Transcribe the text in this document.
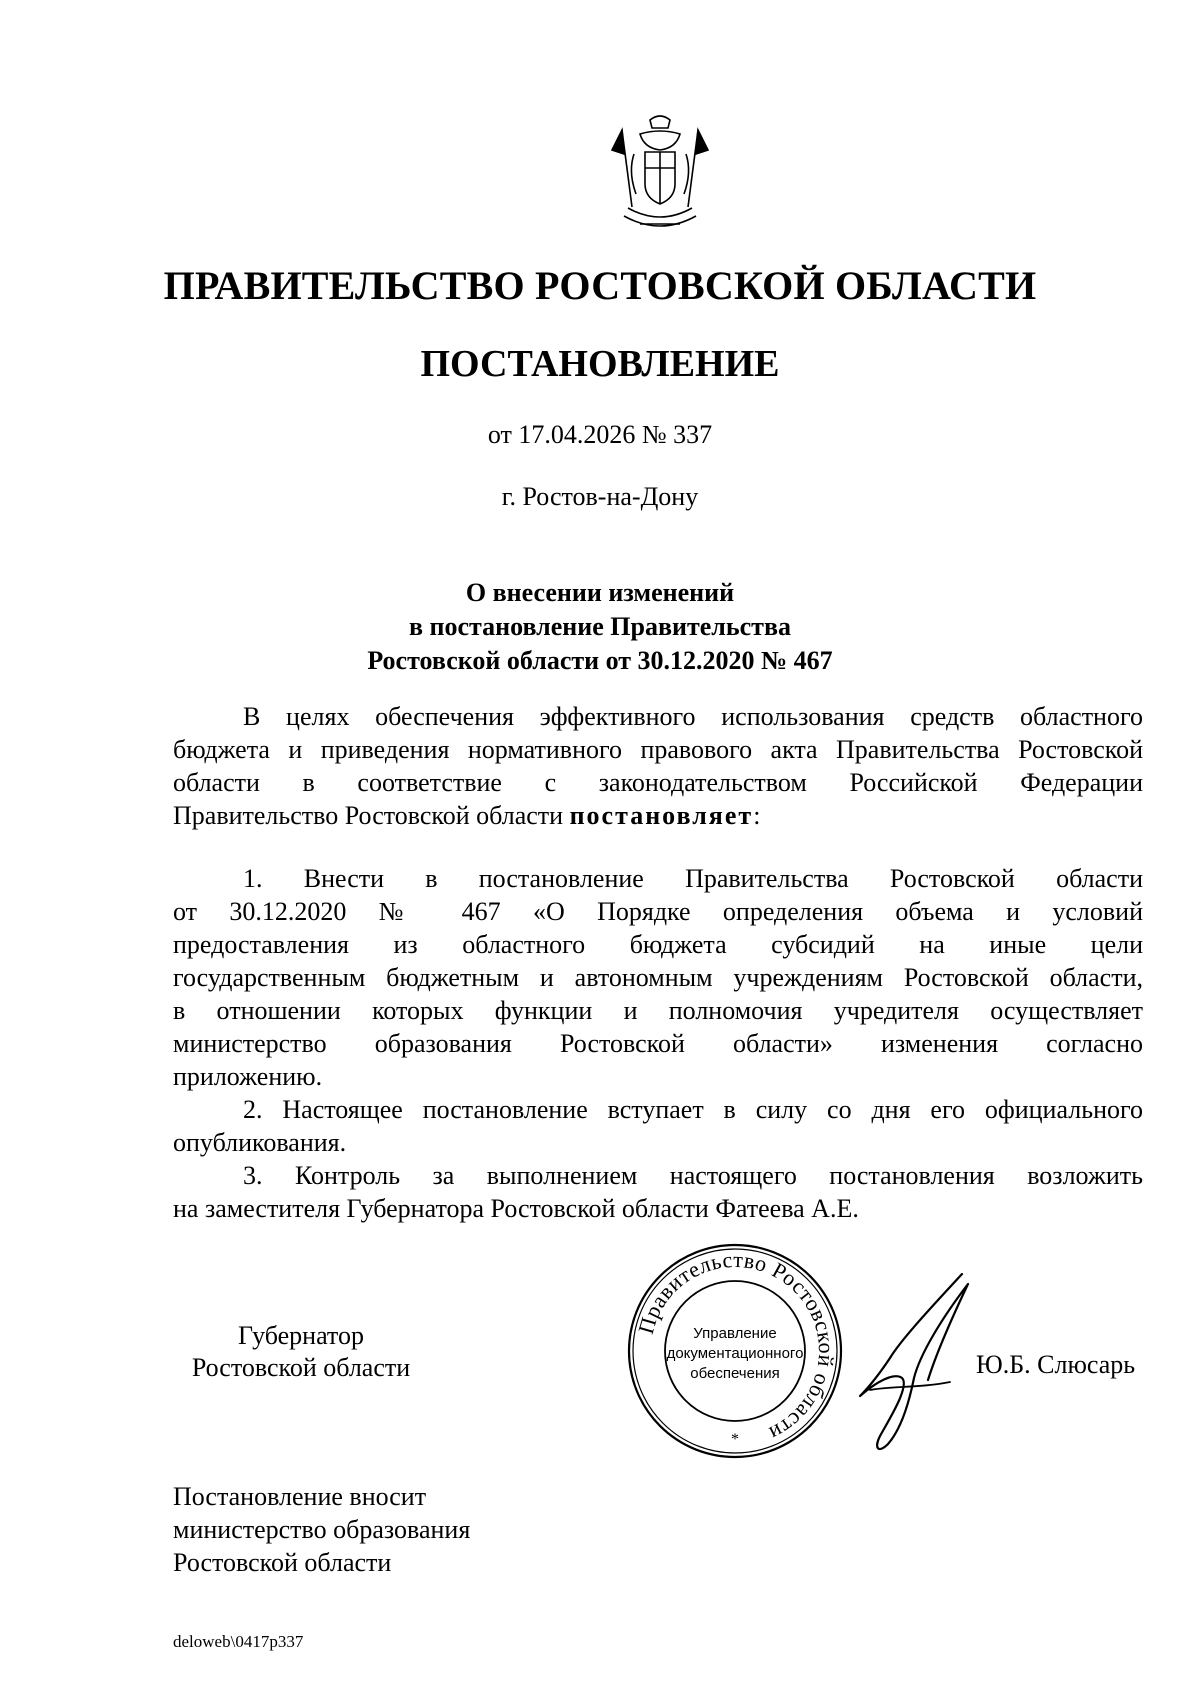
ПРАВИТЕЛЬСТВО РОСТОВСКОЙ ОБЛАСТИ
ПОСТАНОВЛЕНИЕ
от 17.04.2026 № 337
г. Ростов-на-Дону
О внесении изменений
в постановление Правительства
Ростовской области от 30.12.2020 № 467
В целях обеспечения эффективного использования средств областного
бюджета и приведения нормативного правового акта Правительства Ростовской
области в соответствие с законодательством Российской Федерации
Правительство Ростовской области постановляет:
1. Внести в постановление Правительства Ростовской области
от 30.12.2020 № 467 «О Порядке определения объема и условий
предоставления из областного бюджета субсидий на иные цели
государственным бюджетным и автономным учреждениям Ростовской области,
в отношении которых функции и полномочия учредителя осуществляет
министерство образования Ростовской области» изменения согласно
приложению.
2. Настоящее постановление вступает в силу со дня его официального
опубликования.
3. Контроль за выполнением настоящего постановления возложить
на заместителя Губернатора Ростовской области Фатеева А.Е.
Губернатор
Ростовской области
Правительство Ростовской области
*
Управление
документационного
обеспечения	Ю.Б. Слюсарь
Постановление вносит
министерство образования
Ростовской области
deloweb\0417p337
